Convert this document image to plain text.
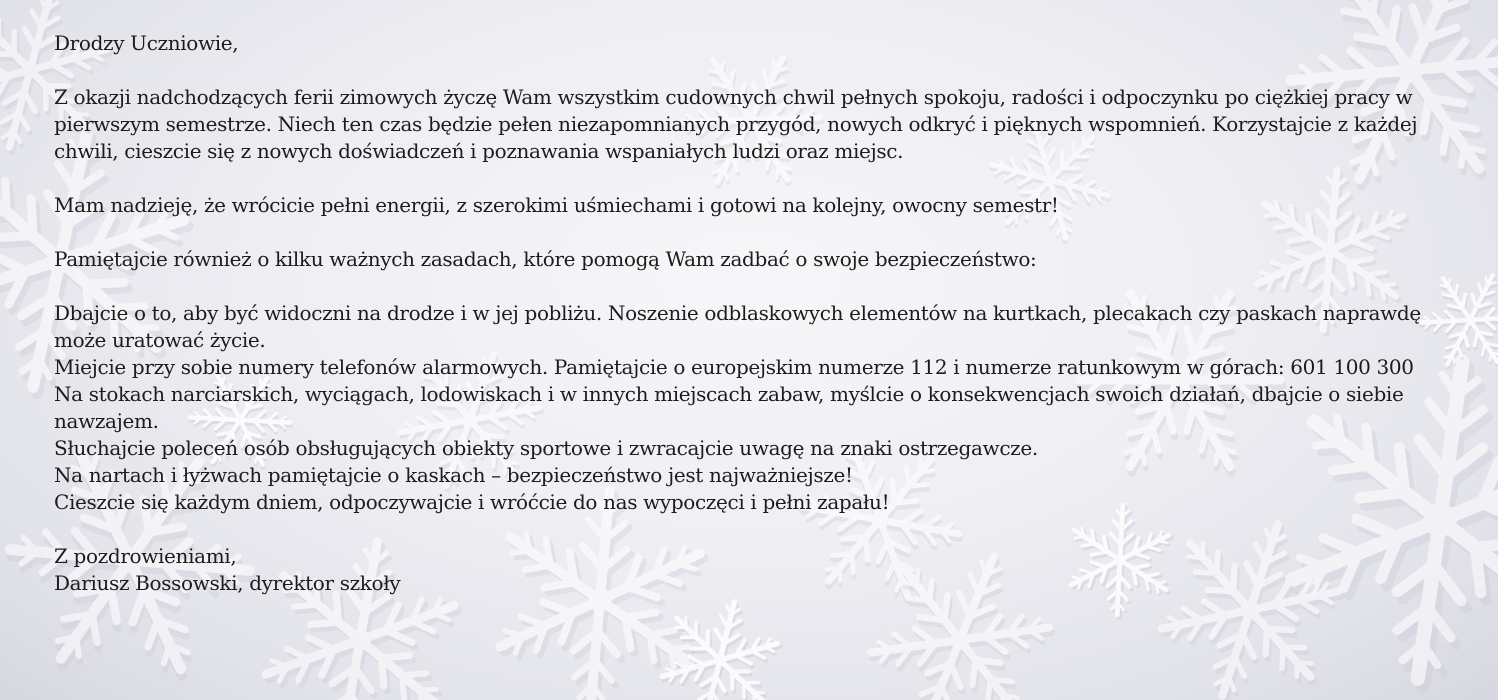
Drodzy Uczniowie,

Z okazji nadchodzących ferii zimowych życzę Wam wszystkim cudownych chwil pełnych spokoju, radości i odpoczynku po ciężkiej pracy w pierwszym semestrze. Niech ten czas będzie pełen niezapomnianych przygód, nowych odkryć i pięknych wspomnień. Korzystajcie z każdej chwili, cieszcie się z nowych doświadczeń i poznawania wspaniałych ludzi oraz miejsc.

Mam nadzieję, że wrócicie pełni energii, z szerokimi uśmiechami i gotowi na kolejny, owocny semestr!

Pamiętajcie również o kilku ważnych zasadach, które pomogą Wam zadbać o swoje bezpieczeństwo:

Dbajcie o to, aby być widoczni na drodze i w jej pobliżu. Noszenie odblaskowych elementów na kurtkach, plecakach czy paskach naprawdę może uratować życie.

Miejcie przy sobie numery telefonów alarmowych. Pamiętajcie o europejskim numerze 112 i numerze ratunkowym w górach: 601 100 300

Na stokach narciarskich, wyciągach, lodowiskach i w innych miejscach zabaw, myślcie o konsekwencjach swoich działań, dbajcie o siebie nawzajem.

Słuchajcie poleceń osób obsługujących obiekty sportowe i zwracajcie uwagę na znaki ostrzegawcze.

Na nartach i łyżwach pamiętajcie o kaskach – bezpieczeństwo jest najważniejsze!

Cieszcie się każdym dniem, odpoczywajcie i wróćcie do nas wypoczęci i pełni zapału!

Z pozdrowieniami,

Dariusz Bossowski, dyrektor szkoły
